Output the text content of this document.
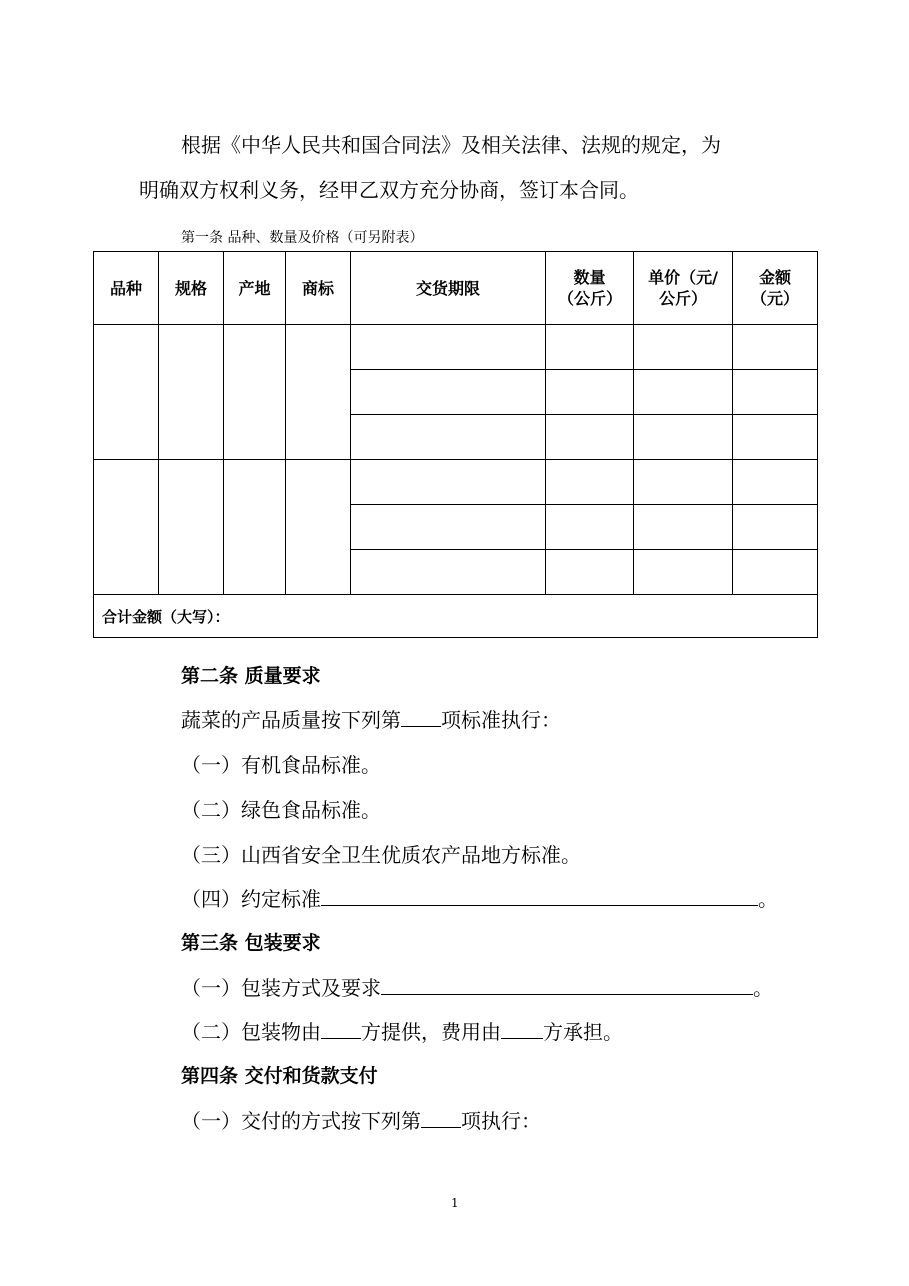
根据《中华人民共和国合同法》及相关法律、法规的规定，为
明确双方权利义务，经甲乙双方充分协商，签订本合同。
第一条 品种、数量及价格（可另附表）
品种	规格	产地	商标	交货期限	数量（公斤）	单价（元/公斤）	金额（元）

合计金额（大写）：							
第二条 质量要求
蔬菜的产品质量按下列第 项标准执行：
（一）有机食品标准。
（二）绿色食品标准。
（三）山西省安全卫生优质农产品地方标准。
（四）约定标准	。
第三条 包装要求
（一）包装方式及要求	。
（二）包装物由 方提供，费用由 方承担。
第四条 交付和货款支付
（一）交付的方式按下列第 项执行：
1
